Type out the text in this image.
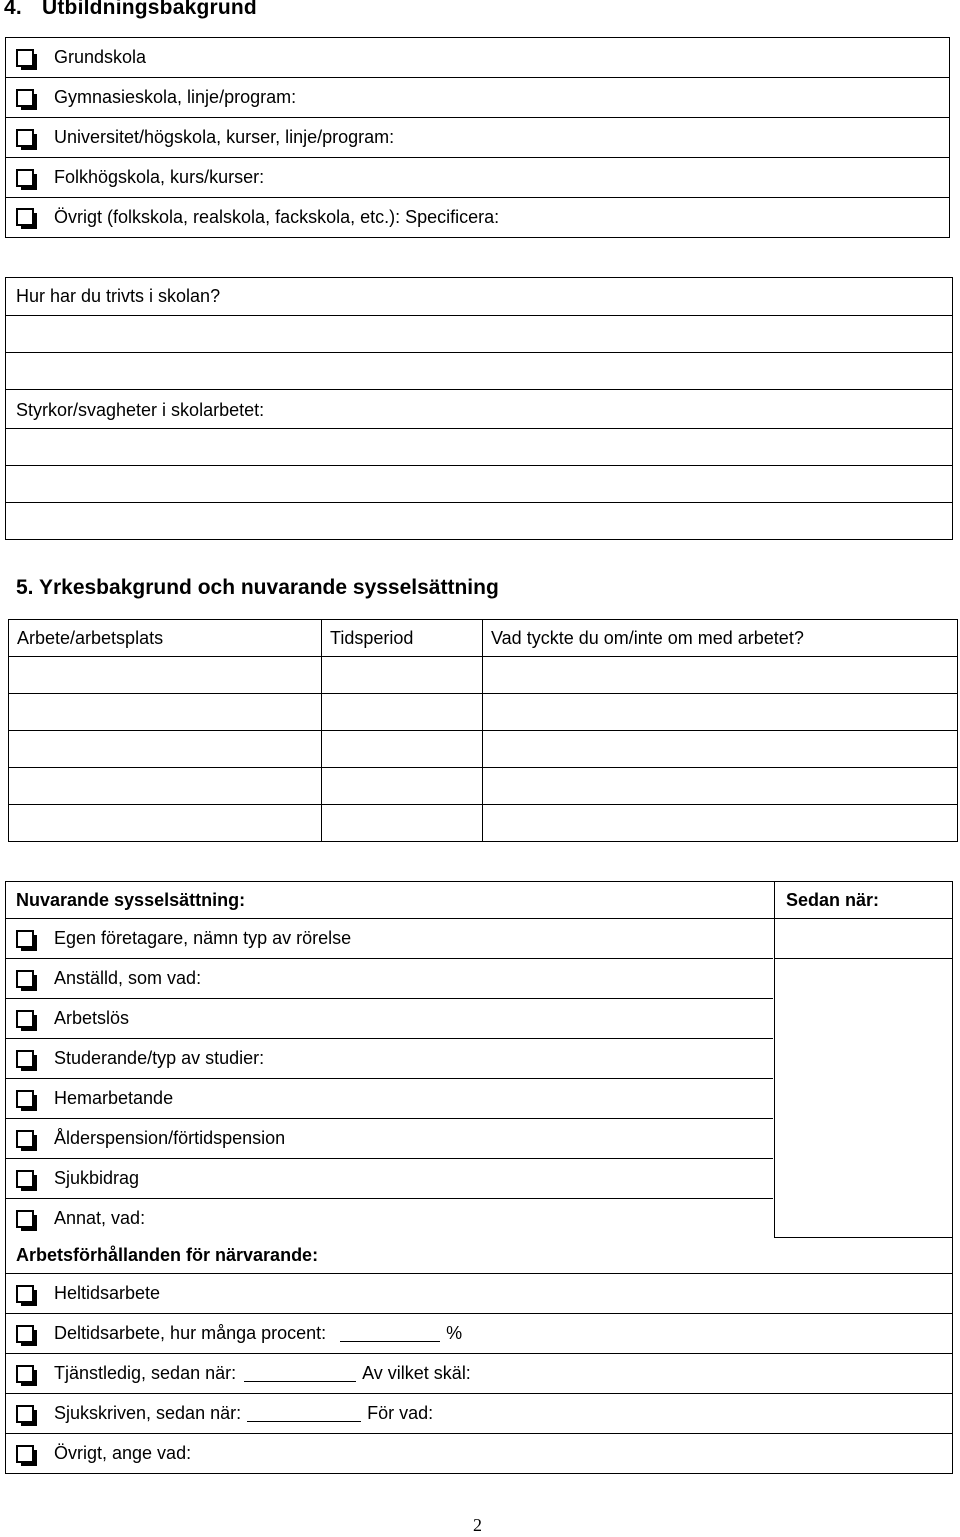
4. Utbildningsbakgrund
Grundskola
Gymnasieskola, linje/program:
Universitet/högskola, kurser, linje/program:
Folkhögskola, kurs/kurser:
Övrigt (folkskola, realskola, fackskola, etc.): Specificera:
Hur har du trivts i skolan?
Styrkor/svagheter i skolarbetet:
5. Yrkesbakgrund och nuvarande sysselsättning
Arbete/arbetsplats	Tidsperiod	Vad tyckte du om/inte om med arbetet?

Nuvarande sysselsättning:	Sedan när:
Egen företagare, nämn typ av rörelse
Anställd, som vad:
Arbetslös
Studerande/typ av studier:
Hemarbetande
Ålderspension/förtidspension
Sjukbidrag
Annat, vad:
Arbetsförhållanden för närvarande:
Heltidsarbete
Deltidsarbete, hur många procent:	%
Tjänstledig, sedan när:	Av vilket skäl:
Sjukskriven, sedan när:	För vad:
Övrigt, ange vad:
2
